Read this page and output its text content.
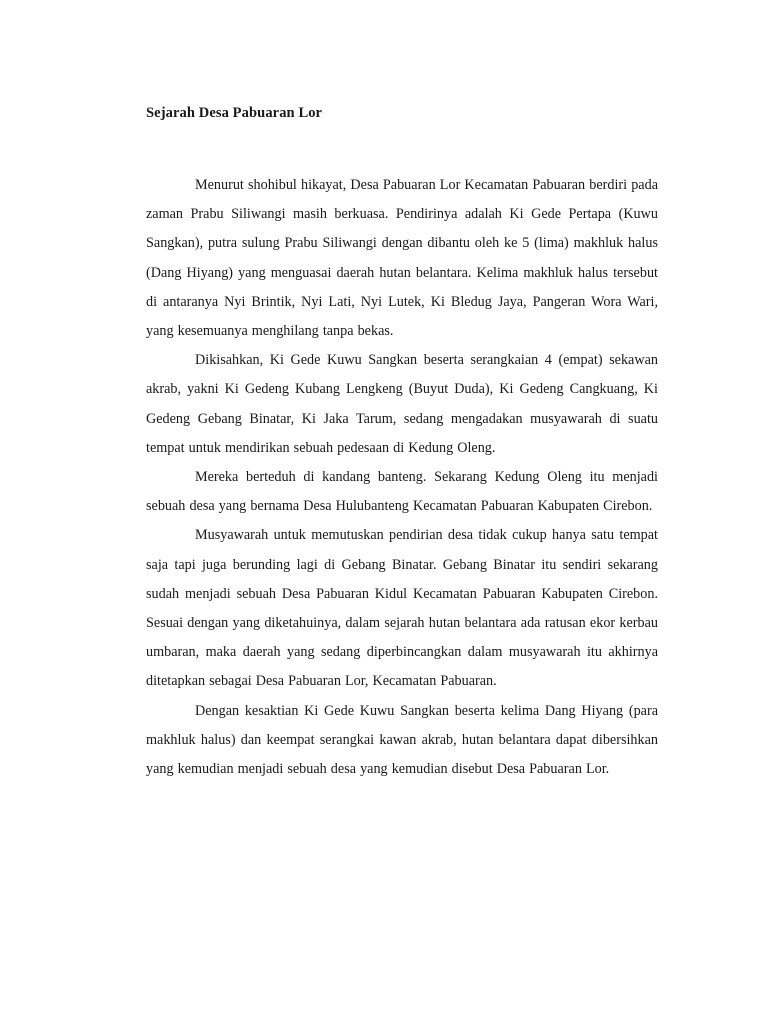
Sejarah Desa Pabuaran Lor

Menurut shohibul hikayat, Desa Pabuaran Lor Kecamatan Pabuaran berdiri pada zaman Prabu Siliwangi masih berkuasa. Pendirinya adalah Ki Gede Pertapa (Kuwu Sangkan), putra sulung Prabu Siliwangi dengan dibantu oleh ke 5 (lima) makhluk halus (Dang Hiyang) yang menguasai daerah hutan belantara. Kelima makhluk halus tersebut di antaranya Nyi Brintik, Nyi Lati, Nyi Lutek, Ki Bledug Jaya, Pangeran Wora Wari, yang kesemuanya menghilang tanpa bekas.

Dikisahkan, Ki Gede Kuwu Sangkan beserta serangkaian 4 (empat) sekawan akrab, yakni Ki Gedeng Kubang Lengkeng (Buyut Duda), Ki Gedeng Cangkuang, Ki Gedeng Gebang Binatar, Ki Jaka Tarum, sedang mengadakan musyawarah di suatu tempat untuk mendirikan sebuah pedesaan di Kedung Oleng.

Mereka berteduh di kandang banteng. Sekarang Kedung Oleng itu menjadi sebuah desa yang bernama Desa Hulubanteng Kecamatan Pabuaran Kabupaten Cirebon.

Musyawarah untuk memutuskan pendirian desa tidak cukup hanya satu tempat saja tapi juga berunding lagi di Gebang Binatar. Gebang Binatar itu sendiri sekarang sudah menjadi sebuah Desa Pabuaran Kidul Kecamatan Pabuaran Kabupaten Cirebon. Sesuai dengan yang diketahuinya, dalam sejarah hutan belantara ada ratusan ekor kerbau umbaran, maka daerah yang sedang diperbincangkan dalam musyawarah itu akhirnya ditetapkan sebagai Desa Pabuaran Lor, Kecamatan Pabuaran.

Dengan kesaktian Ki Gede Kuwu Sangkan beserta kelima Dang Hiyang (para makhluk halus) dan keempat serangkai kawan akrab, hutan belantara dapat dibersihkan yang kemudian menjadi sebuah desa yang kemudian disebut Desa Pabuaran Lor.
